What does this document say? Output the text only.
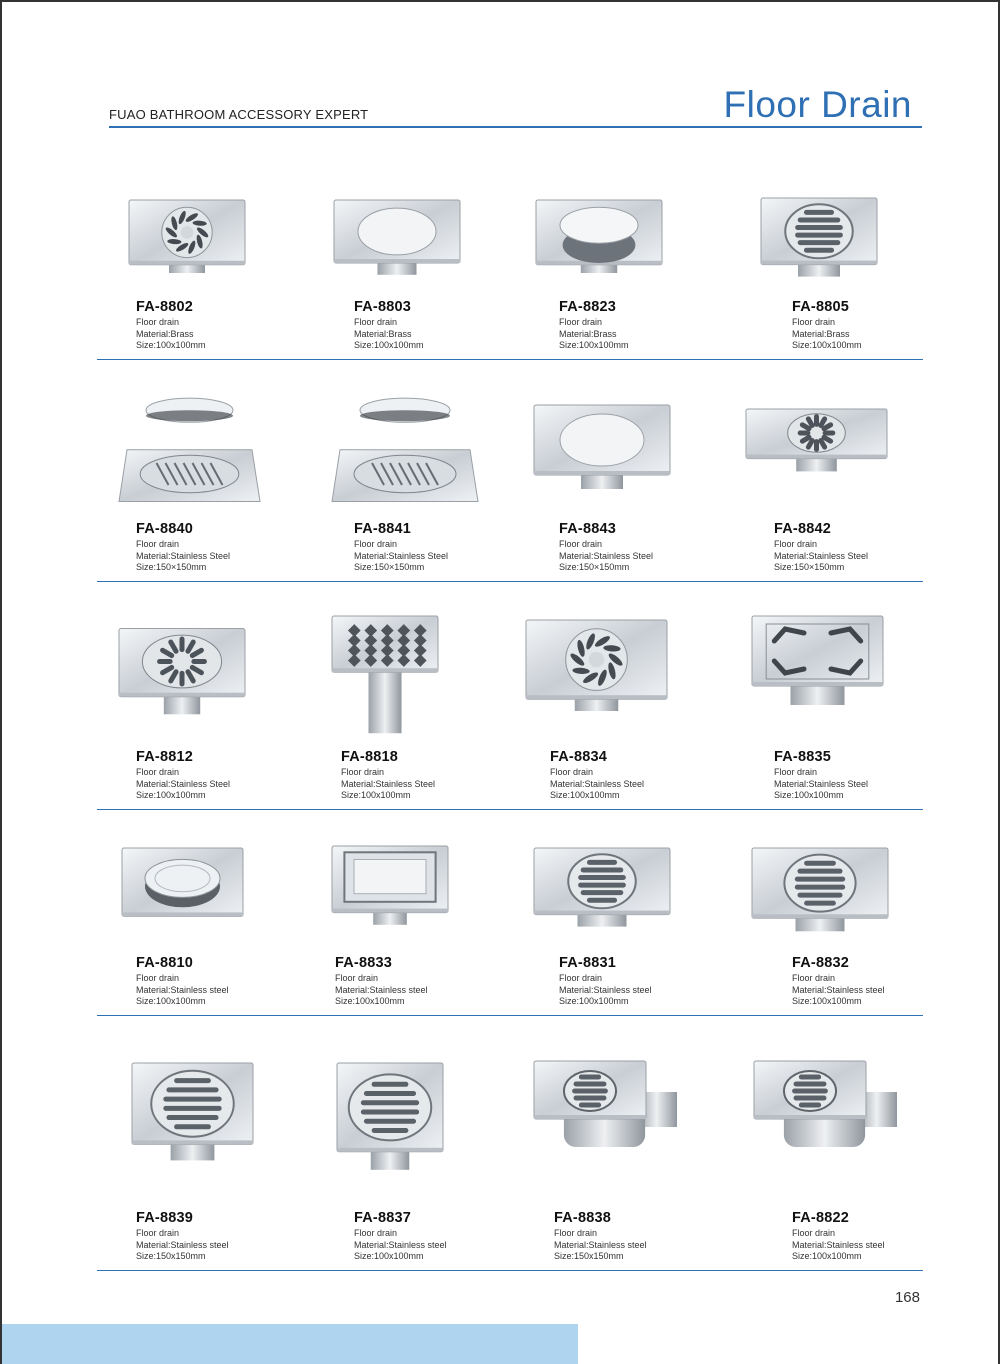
FUAO BATHROOM ACCESSORY EXPERT	Floor Drain
FA-8802
Floor drain
Material:Brass
Size:100x100mm
FA-8803
Floor drain
Material:Brass
Size:100x100mm
FA-8823
Floor drain
Material:Brass
Size:100x100mm
FA-8805
Floor drain
Material:Brass
Size:100x100mm
FA-8840
Floor drain
Material:Stainless Steel
Size:150×150mm
FA-8841
Floor drain
Material:Stainless Steel
Size:150×150mm
FA-8843
Floor drain
Material:Stainless Steel
Size:150×150mm
FA-8842
Floor drain
Material:Stainless Steel
Size:150×150mm
FA-8812
Floor drain
Material:Stainless Steel
Size:100x100mm
FA-8818
Floor drain
Material:Stainless Steel
Size:100x100mm
FA-8834
Floor drain
Material:Stainless Steel
Size:100x100mm
FA-8835
Floor drain
Material:Stainless Steel
Size:100x100mm
FA-8810
Floor drain
Material:Stainless steel
Size:100x100mm
FA-8833
Floor drain
Material:Stainless steel
Size:100x100mm
FA-8831
Floor drain
Material:Stainless steel
Size:100x100mm
FA-8832
Floor drain
Material:Stainless steel
Size:100x100mm
FA-8839
Floor drain
Material:Stainless steel
Size:150x150mm
FA-8837
Floor drain
Material:Stainless steel
Size:100x100mm
FA-8838
Floor drain
Material:Stainless steel
Size:150x150mm
FA-8822
Floor drain
Material:Stainless steel
Size:100x100mm
168
